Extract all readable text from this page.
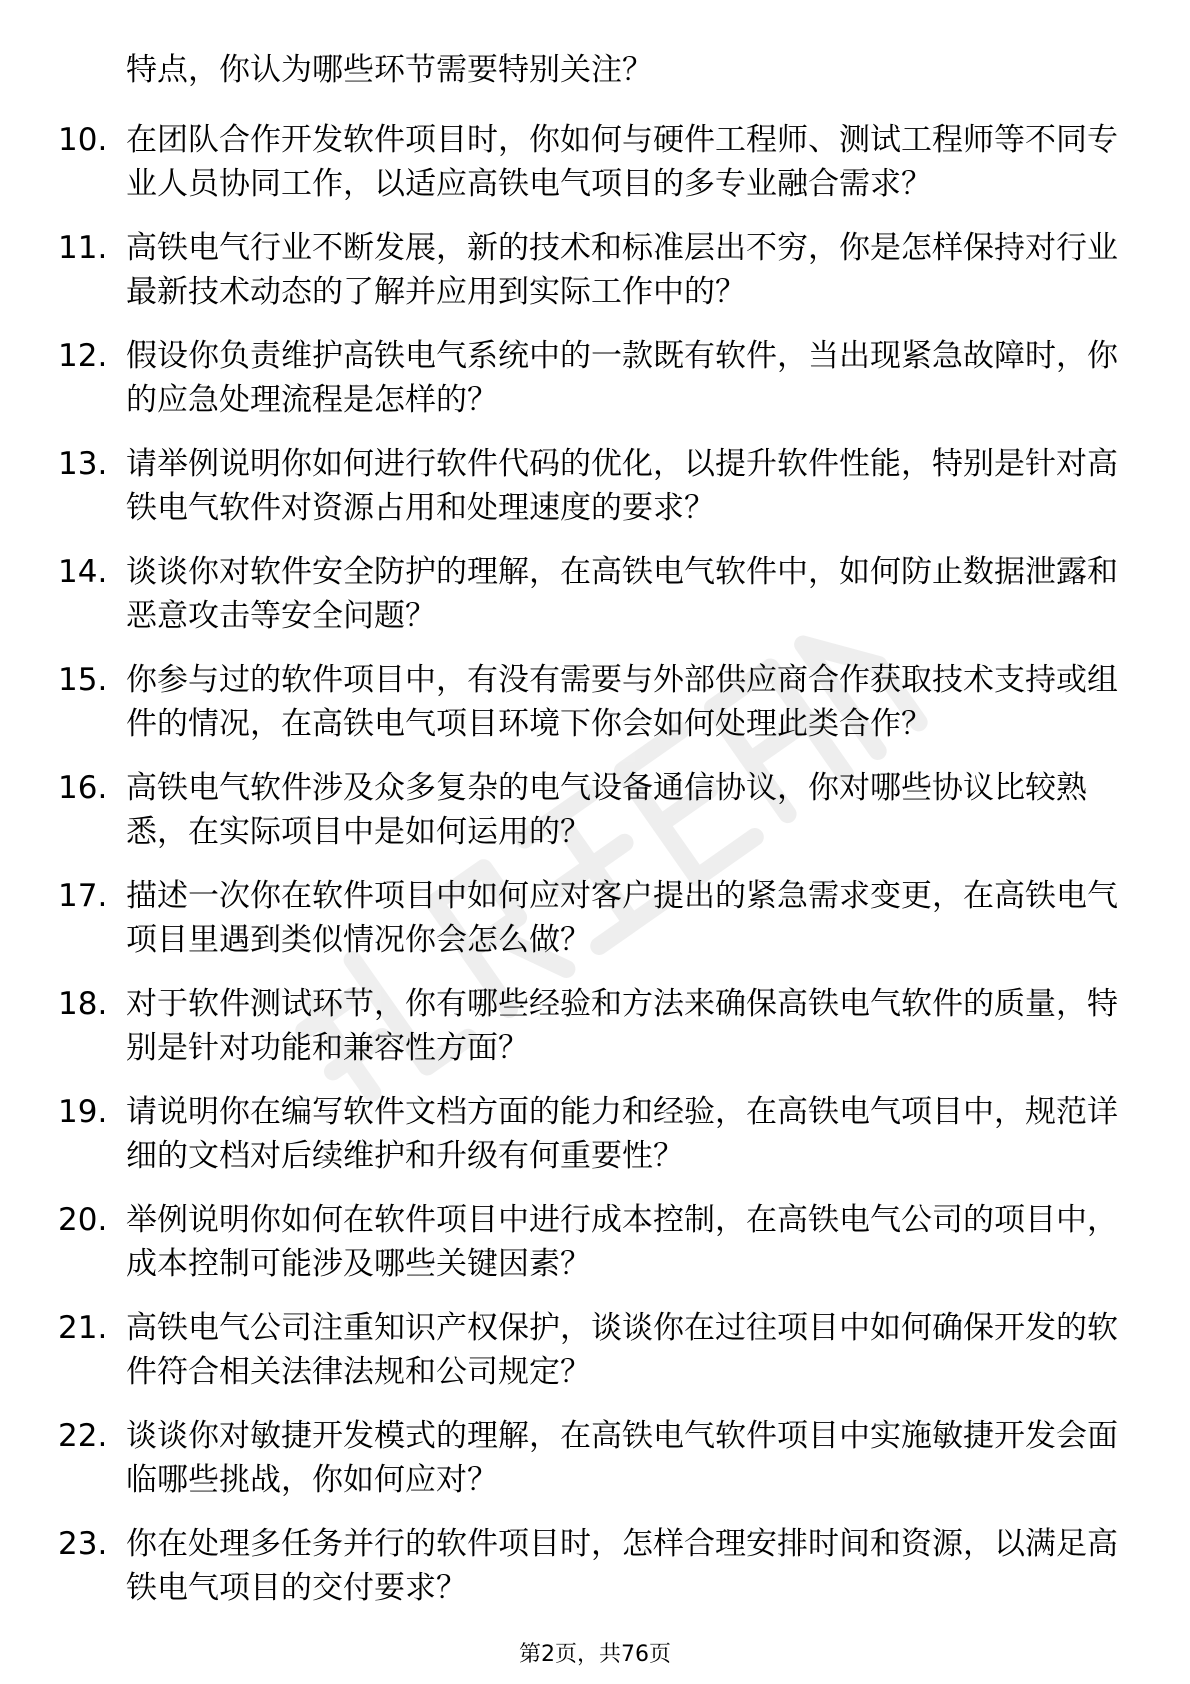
特点，你认为哪些环节需要特别关注？
10. 在团队合作开发软件项目时，你如何与硬件工程师、测试工程师等不同专业人员协同工作，以适应高铁电气项目的多专业融合需求？
11. 高铁电气行业不断发展，新的技术和标准层出不穷，你是怎样保持对行业最新技术动态的了解并应用到实际工作中的？
12. 假设你负责维护高铁电气系统中的一款既有软件，当出现紧急故障时，你的应急处理流程是怎样的？
13. 请举例说明你如何进行软件代码的优化，以提升软件性能，特别是针对高铁电气软件对资源占用和处理速度的要求？
14. 谈谈你对软件安全防护的理解，在高铁电气软件中，如何防止数据泄露和恶意攻击等安全问题？
15. 你参与过的软件项目中，有没有需要与外部供应商合作获取技术支持或组件的情况，在高铁电气项目环境下你会如何处理此类合作？
16. 高铁电气软件涉及众多复杂的电气设备通信协议，你对哪些协议比较熟悉，在实际项目中是如何运用的？
17. 描述一次你在软件项目中如何应对客户提出的紧急需求变更，在高铁电气项目里遇到类似情况你会怎么做？
18. 对于软件测试环节，你有哪些经验和方法来确保高铁电气软件的质量，特别是针对功能和兼容性方面？
19. 请说明你在编写软件文档方面的能力和经验，在高铁电气项目中，规范详细的文档对后续维护和升级有何重要性？
20. 举例说明你如何在软件项目中进行成本控制，在高铁电气公司的项目中，成本控制可能涉及哪些关键因素？
21. 高铁电气公司注重知识产权保护，谈谈你在过往项目中如何确保开发的软件符合相关法律法规和公司规定？
22. 谈谈你对敏捷开发模式的理解，在高铁电气软件项目中实施敏捷开发会面临哪些挑战，你如何应对？
23. 你在处理多任务并行的软件项目时，怎样合理安排时间和资源，以满足高铁电气项目的交付要求？
第2页，共76页
